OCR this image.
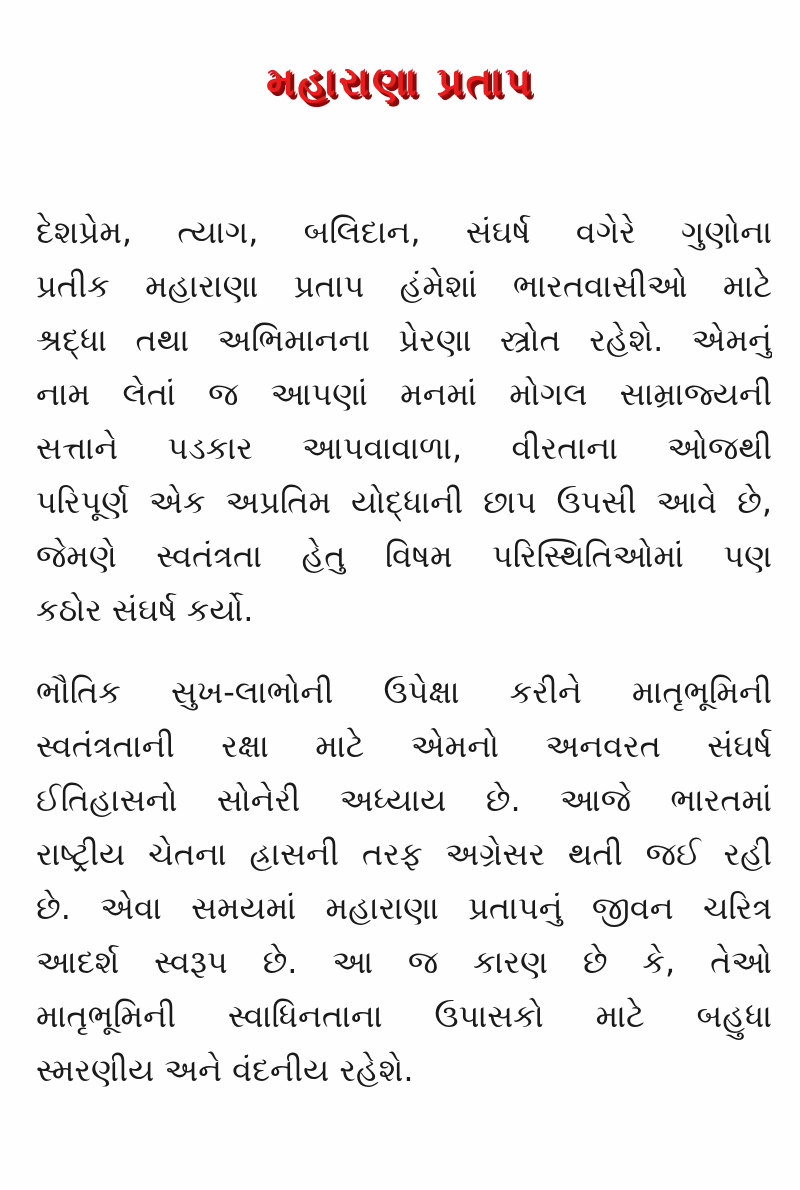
મહારાણા પ્રતાપ
દેશપ્રેમ, ત્યાગ, બલિદાન, સંઘર્ષ વગેરે ગુણોના
પ્રતીક મહારાણા પ્રતાપ હંમેશાં ભારતવાસીઓ માટે
શ્રદ્ધા તથા અભિમાનના પ્રેરણા સ્ત્રોત રહેશે. એમનું
નામ લેતાં જ આપણાં મનમાં મોગલ સામ્રાજ્યની
સત્તાને પડકાર આપવાવાળા, વીરતાના ઓજથી
પરિપૂર્ણ એક અપ્રતિમ યોદ્ધાની છાપ ઉપસી આવે છે,
જેમણે સ્વતંત્રતા હેતુ વિષમ પરિસ્થિતિઓમાં પણ
કઠોર સંઘર્ષ કર્યો.
ભૌતિક સુખ-લાભોની ઉપેક્ષા કરીને માતૃભૂમિની
સ્વતંત્રતાની રક્ષા માટે એમનો અનવરત સંઘર્ષ
ઈતિહાસનો સોનેરી અધ્યાય છે. આજે ભારતમાં
રાષ્ટ્રીય ચેતના હ્રાસની તરફ અગ્રેસર થતી જઈ રહી
છે. એવા સમયમાં મહારાણા પ્રતાપનું જીવન ચરિત્ર
આદર્શ સ્વરૂપ છે. આ જ કારણ છે કે, તેઓ
માતૃભૂમિની સ્વાધિનતાના ઉપાસકો માટે બહુધા
સ્મરણીય અને વંદનીય રહેશે.
